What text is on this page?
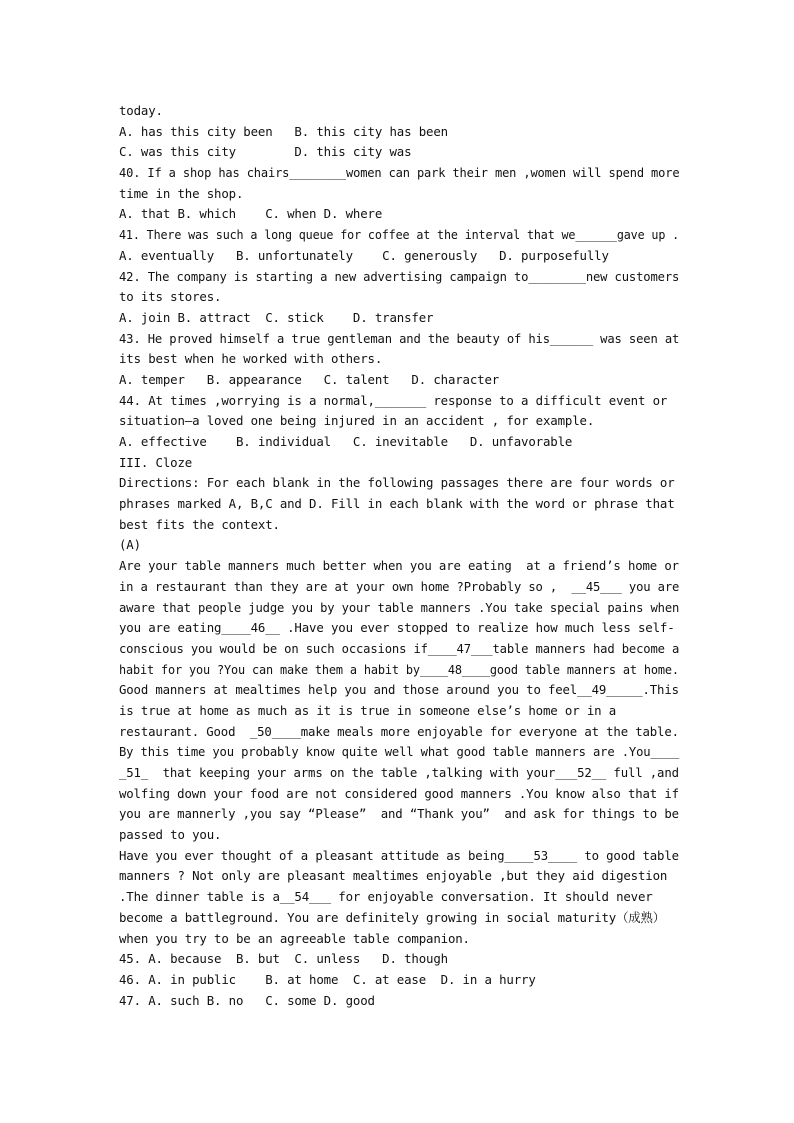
today.
A. has this city been   B. this city has been
C. was this city        D. this city was
40. If a shop has chairs________women can park their men ,women will spend more
time in the shop.
A. that B. which    C. when D. where
41. There was such a long queue for coffee at the interval that we______gave up .
A. eventually   B. unfortunately    C. generously   D. purposefully
42. The company is starting a new advertising campaign to________new customers
to its stores.
A. join B. attract  C. stick    D. transfer
43. He proved himself a true gentleman and the beauty of his______ was seen at
its best when he worked with others.
A. temper   B. appearance   C. talent   D. character
44. At times ,worrying is a normal,_______ response to a difficult event or
situation—a loved one being injured in an accident , for example.
A. effective    B. individual   C. inevitable   D. unfavorable
III. Cloze
Directions: For each blank in the following passages there are four words or
phrases marked A, B,C and D. Fill in each blank with the word or phrase that
best fits the context.
(A)
Are your table manners much better when you are eating  at a friend’s home or
in a restaurant than they are at your own home ?Probably so ,  __45___ you are
aware that people judge you by your table manners .You take special pains when
you are eating____46__ .Have you ever stopped to realize how much less self-
conscious you would be on such occasions if____47___table manners had become a
habit for you ?You can make them a habit by____48____good table manners at home.
Good manners at mealtimes help you and those around you to feel__49_____.This
is true at home as much as it is true in someone else’s home or in a
restaurant. Good  _50____make meals more enjoyable for everyone at the table.
By this time you probably know quite well what good table manners are .You____
_51_  that keeping your arms on the table ,talking with your___52__ full ,and
wolfing down your food are not considered good manners .You know also that if
you are mannerly ,you say “Please”  and “Thank you”  and ask for things to be
passed to you.
Have you ever thought of a pleasant attitude as being____53____ to good table
manners ? Not only are pleasant mealtimes enjoyable ,but they aid digestion
.The dinner table is a__54___ for enjoyable conversation. It should never
become a battleground. You are definitely growing in social maturity（成熟）
when you try to be an agreeable table companion.
45. A. because  B. but  C. unless   D. though
46. A. in public    B. at home  C. at ease  D. in a hurry
47. A. such B. no   C. some D. good
